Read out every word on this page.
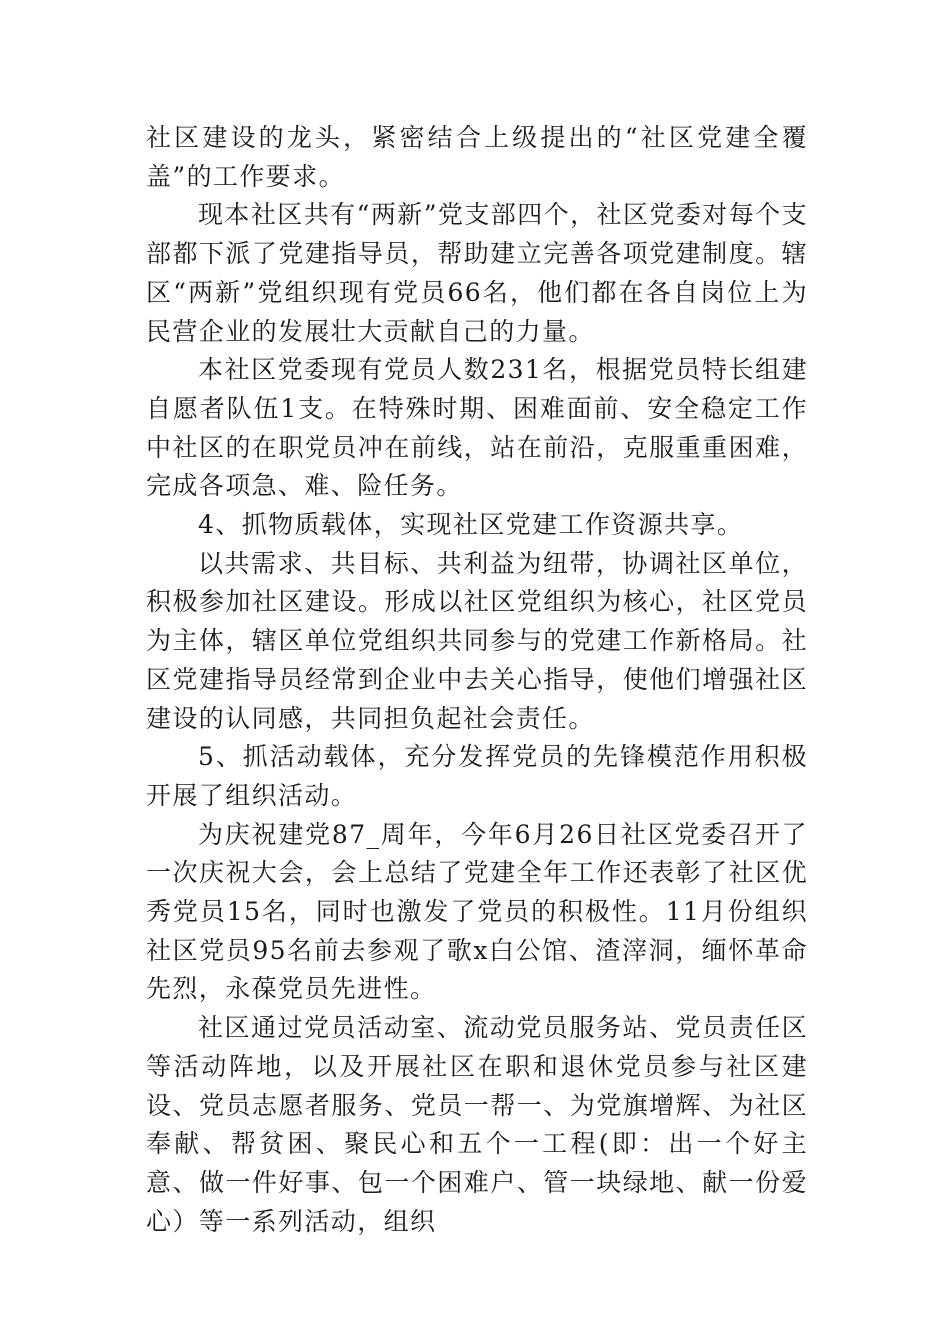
社区建设的龙头，紧密结合上级提出的“社区党建全覆盖”的工作要求。

现本社区共有“两新”党支部四个，社区党委对每个支部都下派了党建指导员，帮助建立完善各项党建制度。辖区“两新”党组织现有党员66名，他们都在各自岗位上为民营企业的发展壮大贡献自己的力量。

本社区党委现有党员人数231名，根据党员特长组建自愿者队伍1支。在特殊时期、困难面前、安全稳定工作中社区的在职党员冲在前线，站在前沿，克服重重困难，完成各项急、难、险任务。

4、抓物质载体，实现社区党建工作资源共享。

以共需求、共目标、共利益为纽带，协调社区单位，积极参加社区建设。形成以社区党组织为核心，社区党员为主体，辖区单位党组织共同参与的党建工作新格局。社区党建指导员经常到企业中去关心指导，使他们增强社区建设的认同感，共同担负起社会责任。

5、抓活动载体，充分发挥党员的先锋模范作用积极开展了组织活动。

为庆祝建党87_周年，今年6月26日社区党委召开了一次庆祝大会，会上总结了党建全年工作还表彰了社区优秀党员15名，同时也激发了党员的积极性。11月份组织社区党员95名前去参观了歌x白公馆、渣滓洞，缅怀革命先烈，永葆党员先进性。

社区通过党员活动室、流动党员服务站、党员责任区等活动阵地，以及开展社区在职和退休党员参与社区建设、党员志愿者服务、党员一帮一、为党旗增辉、为社区奉献、帮贫困、聚民心和五个一工程(即：出一个好主意、做一件好事、包一个困难户、管一块绿地、献一份爱心）等一系列活动，组织
